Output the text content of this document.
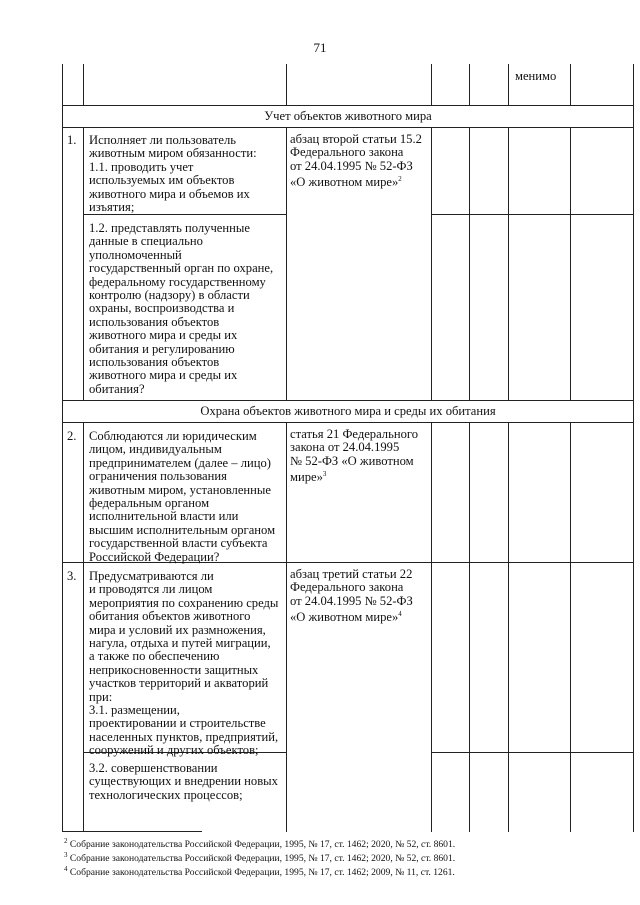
71
менимо
Учет объектов животного мира
Охрана объектов животного мира и среды их обитания
1. Исполняет ли пользователь
животным миром обязанности:
1.1. проводить учет
используемых им объектов
животного мира и объемов их
изъятия;
1.2. представлять полученные
данные в специально
уполномоченный
государственный орган по охране,
федеральному государственному
контролю (надзору) в области
охраны, воспроизводства и
использования объектов
животного мира и среды их
обитания и регулированию
использования объектов
животного мира и среды их
обитания?
абзац второй статьи 15.2
Федерального закона
от 24.04.1995 № 52-ФЗ
«О животном мире»$^2$
2. Соблюдаются ли юридическим
лицом, индивидуальным
предпринимателем (далее – лицо)
ограничения пользования
животным миром, установленные
федеральным органом
исполнительной власти или
высшим исполнительным органом
государственной власти субъекта
Российской Федерации?
статья 21 Федерального
закона от 24.04.1995
№ 52-ФЗ «О животном
мире»$^3$
3. Предусматриваются ли
и проводятся ли лицом
мероприятия по сохранению среды
обитания объектов животного
мира и условий их размножения,
нагула, отдыха и путей миграции,
а также по обеспечению
неприкосновенности защитных
участков территорий и акваторий
при:
3.1. размещении,
проектировании и строительстве
населенных пунктов, предприятий,
сооружений и других объектов;
3.2. совершенствовании
существующих и внедрении новых
технологических процессов;
абзац третий статьи 22
Федерального закона
от 24.04.1995 № 52-ФЗ
«О животном мире»$^4$
$^2$ Собрание законодательства Российской Федерации, 1995, № 17, ст. 1462; 2020, № 52, ст. 8601.
$^3$ Собрание законодательства Российской Федерации, 1995, № 17, ст. 1462; 2020, № 52, ст. 8601.
$^4$ Собрание законодательства Российской Федерации, 1995, № 17, ст. 1462; 2009, № 11, ст. 1261.
